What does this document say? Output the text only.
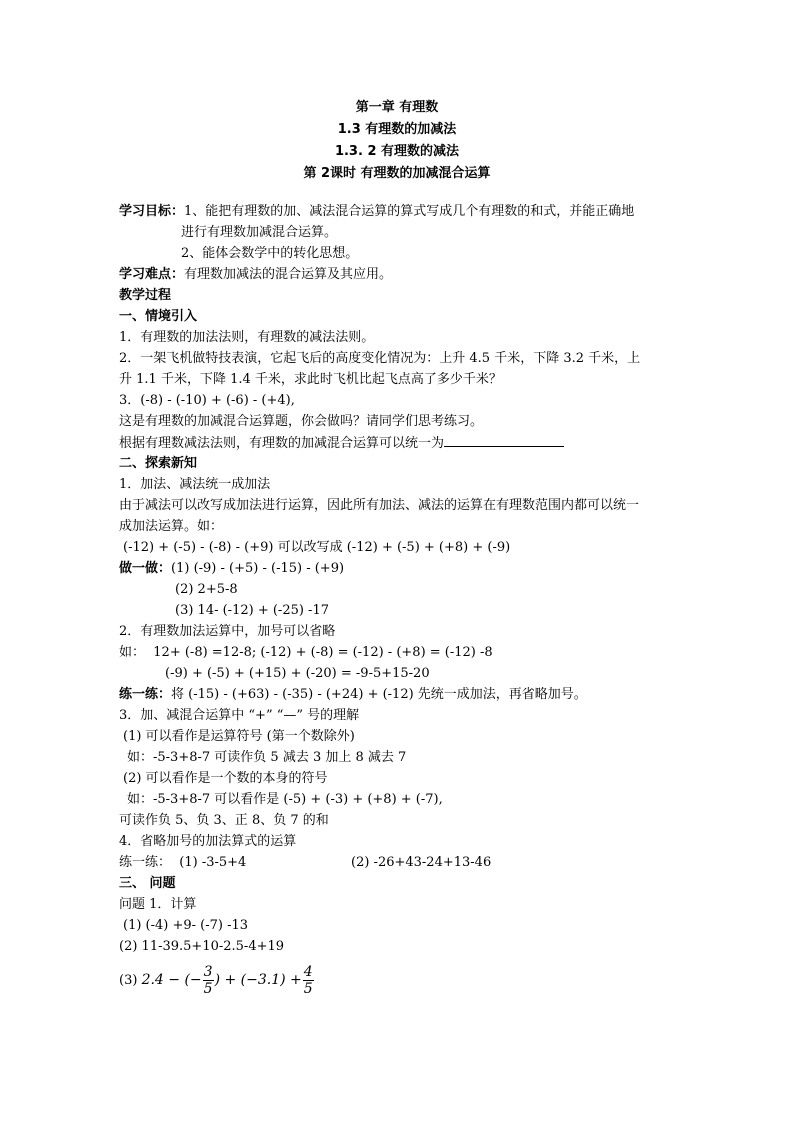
第一章 有理数
1.3 有理数的加减法
1.3. 2 有理数的减法
第 2课时 有理数的加减混合运算
学习目标：1、能把有理数的加、减法混合运算的算式写成几个有理数的和式，并能正确地
进行有理数加减混合运算。
2、能体会数学中的转化思想。
学习难点：有理数加减法的混合运算及其应用。
教学过程
一、情境引入
1．有理数的加法法则，有理数的减法法则。
2．一架飞机做特技表演，它起飞后的高度变化情况为：上升 4.5 千米，下降 3.2 千米，上
升 1.1 千米，下降 1.4 千米，求此时飞机比起飞点高了多少千米？
3．(-8) - (-10) + (-6) - (+4),
这是有理数的加减混合运算题，你会做吗？请同学们思考练习。
根据有理数减法法则，有理数的加减混合运算可以统一为
二、探索新知
1．加法、减法统一成加法
由于减法可以改写成加法进行运算，因此所有加法、减法的运算在有理数范围内都可以统一
成加法运算。如：
(-12) + (-5) - (-8) - (+9) 可以改写成 (-12) + (-5) + (+8) + (-9)
做一做：(1) (-9) - (+5) - (-15) - (+9)
(2) 2+5-8
(3) 14- (-12) + (-25) -17
2．有理数加法运算中，加号可以省略
如： 12+ (-8) =12-8; (-12) + (-8) = (-12) - (+8) = (-12) -8
(-9) + (-5) + (+15) + (-20) = -9-5+15-20
练一练：将 (-15) - (+63) - (-35) - (+24) + (-12) 先统一成加法，再省略加号。
3．加、减混合运算中 “+” “—” 号的理解
(1) 可以看作是运算符号 (第一个数除外)
如：-5-3+8-7 可读作负 5 减去 3 加上 8 减去 7
(2) 可以看作是一个数的本身的符号
如：-5-3+8-7 可以看作是 (-5) + (-3) + (+8) + (-7),
可读作负 5、负 3、正 8、负 7 的和
4．省略加号的加法算式的运算
练一练： (1) -3-5+4	(2) -26+43-24+13-46
三、 问题
问题 1．计算
(1) (-4) +9- (-7) -13
(2) 11-39.5+10-2.5-4+19
(3) 2.4 − (− $\frac{3}{5}$ ) + $(-3.1) + \frac{4}{5}$
